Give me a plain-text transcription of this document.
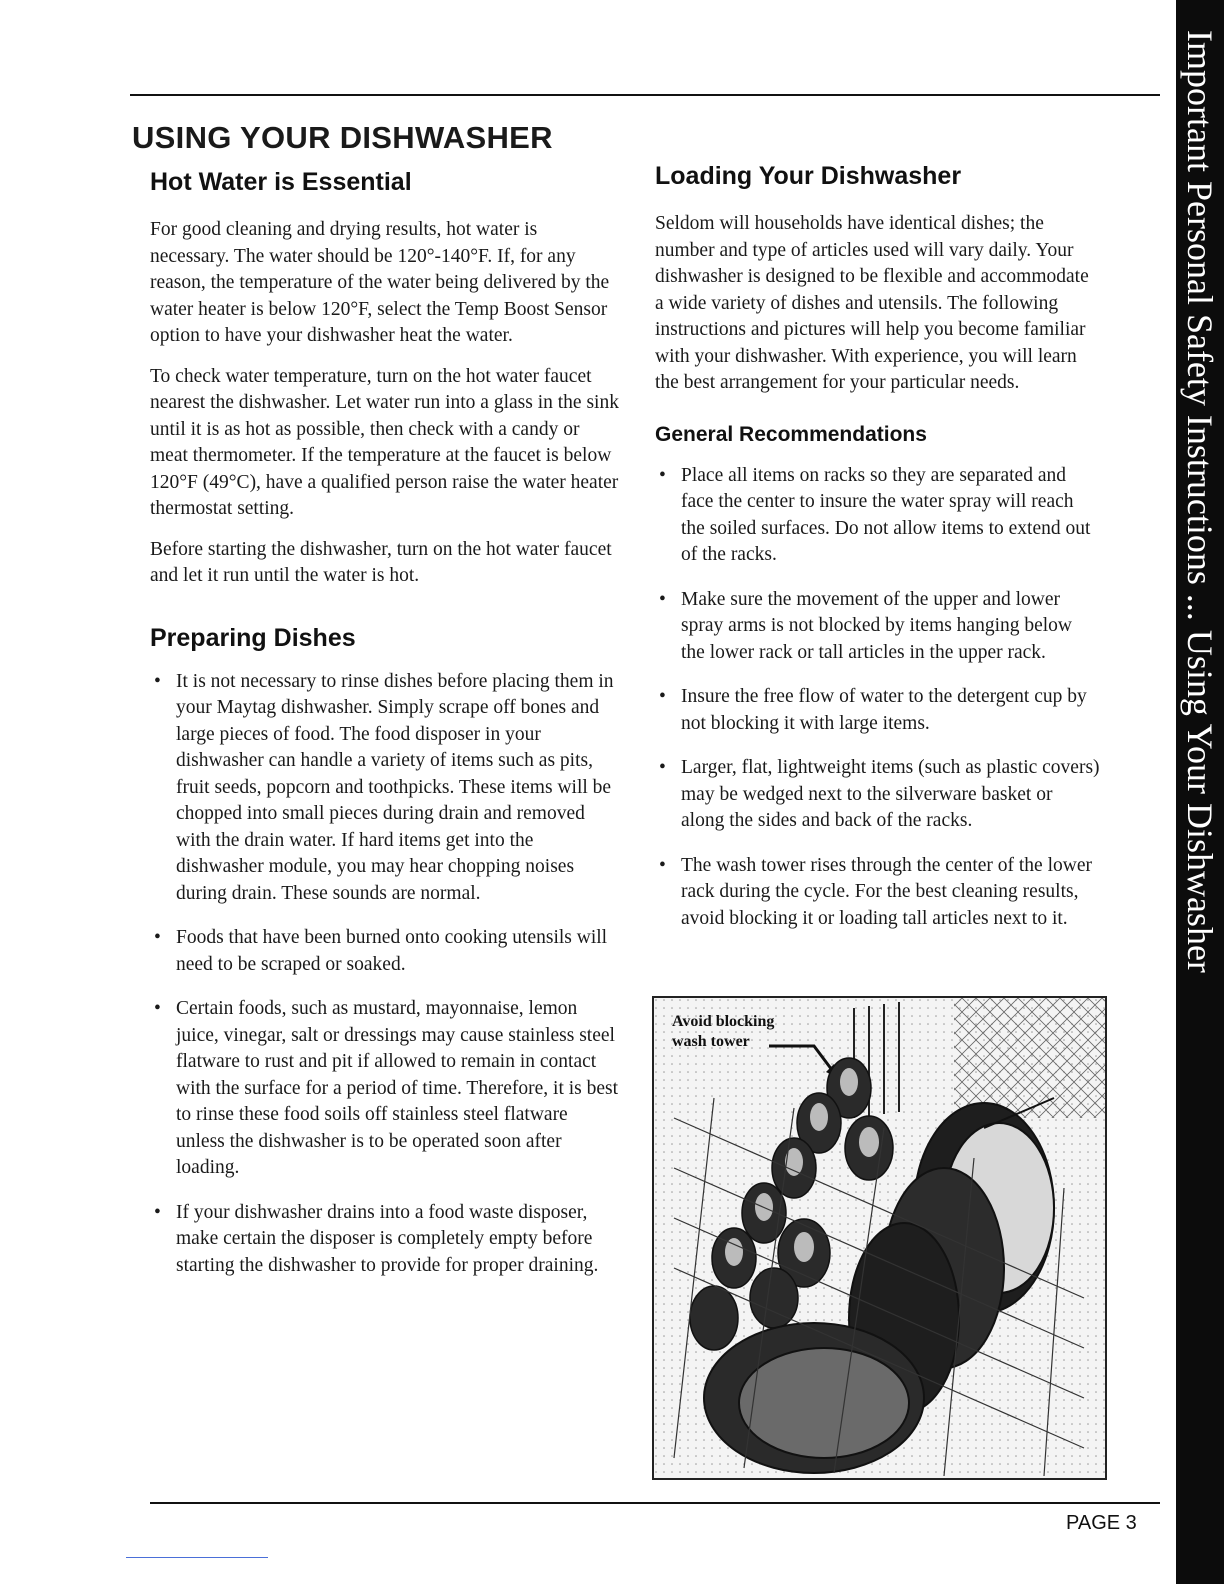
Important Personal Safety Instructions ... Using Your Dishwasher
USING YOUR DISHWASHER
Hot Water is Essential

For good cleaning and drying results, hot water is necessary. The water should be 120°-140°F. If, for any reason, the temperature of the water being delivered by the water heater is below 120°F, select the Temp Boost Sensor option to have your dishwasher heat the water.

To check water temperature, turn on the hot water faucet nearest the dishwasher. Let water run into a glass in the sink until it is as hot as possible, then check with a candy or meat thermometer. If the temperature at the faucet is below 120°F (49°C), have a qualified person raise the water heater thermostat setting.

Before starting the dishwasher, turn on the hot water faucet and let it run until the water is hot.

Preparing Dishes
• It is not necessary to rinse dishes before placing them in your Maytag dishwasher. Simply scrape off bones and large pieces of food. The food disposer in your dishwasher can handle a variety of items such as pits, fruit seeds, popcorn and toothpicks. These items will be chopped into small pieces during drain and removed with the drain water. If hard items get into the dishwasher module, you may hear chopping noises during drain. These sounds are normal.
• Foods that have been burned onto cooking utensils will need to be scraped or soaked.
• Certain foods, such as mustard, mayonnaise, lemon juice, vinegar, salt or dressings may cause stainless steel flatware to rust and pit if allowed to remain in contact with the surface for a period of time. Therefore, it is best to rinse these food soils off stainless steel flatware unless the dishwasher is to be operated soon after loading.
• If your dishwasher drains into a food waste disposer, make certain the disposer is completely empty before starting the dishwasher to provide for proper draining.
Loading Your Dishwasher

Seldom will households have identical dishes; the number and type of articles used will vary daily. Your dishwasher is designed to be flexible and accommodate a wide variety of dishes and utensils. The following instructions and pictures will help you become familiar with your dishwasher. With experience, you will learn the best arrangement for your particular needs.

General Recommendations
• Place all items on racks so they are separated and face the center to insure the water spray will reach the soiled surfaces. Do not allow items to extend out of the racks.
• Make sure the movement of the upper and lower spray arms is not blocked by items hanging below the lower rack or tall articles in the upper rack.
• Insure the free flow of water to the detergent cup by not blocking it with large items.
• Larger, flat, lightweight items (such as plastic covers) may be wedged next to the silverware basket or along the sides and back of the racks.
• The wash tower rises through the center of the lower rack during the cycle. For the best cleaning results, avoid blocking it or loading tall articles next to it.
Avoid blocking
wash tower
PAGE 3
